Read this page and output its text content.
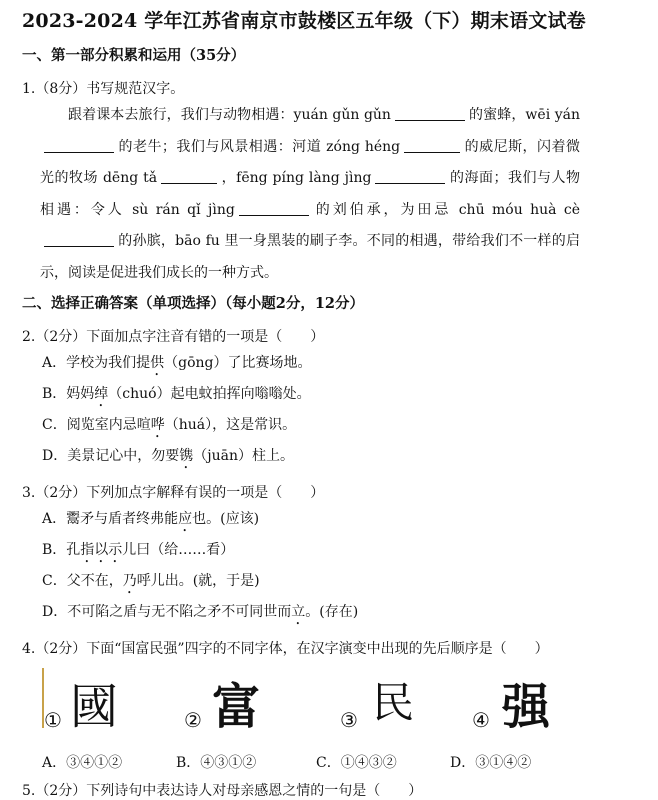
2023-2024 学年江苏省南京市鼓楼区五年级（下）期末语文试卷
一、第一部分积累和运用（35分）
1.（8分）书写规范汉字。
跟着课本去旅行，我们与动物相遇：yuán gǔn gǔn	的蜜蜂，wēi yán的老牛；我们与风景相遇：河道 zóng héng	的威尼斯，闪着微光的牧场 dēng tǎ	，fēng píng làng jìng	的海面；我们与人物相遇：令人 sù rán qǐ jìng	的刘伯承，为田忌 chū móu huà cè的孙膑，bāo fu 里一身黑装的刷子李。不同的相遇，带给我们不一样的启示，阅读是促进我们成长的一种方式。
二、选择正确答案（单项选择）（每小题2分，12分）
2.（2分）下面加点字注音有错的一项是（　　）
A．学校为我们提供（gōng）了比赛场地。
B．妈妈绰（chuó）起电蚊拍挥向嗡嗡处。
C．阅览室内忌喧哗（huá），这是常识。
D．美景记心中，勿要镌（juān）柱上。
3.（2分）下列加点字解释有误的一项是（　　）
A．鬻矛与盾者终弗能应也。(应该)
B．孔指以示儿曰（给……看）
C．父不在，乃呼儿出。(就，于是)
D．不可陷之盾与无不陷之矛不可同世而立。(存在)
4.（2分）下面“国富民强”四字的不同字体，在汉字演变中出现的先后顺序是（　　）
① 國	② 富	③ 民	④ 强
A．③④①②	B．④③①②	C．①④③②	D．③①④②
5.（2分）下列诗句中表达诗人对母亲感恩之情的一句是（　　）
